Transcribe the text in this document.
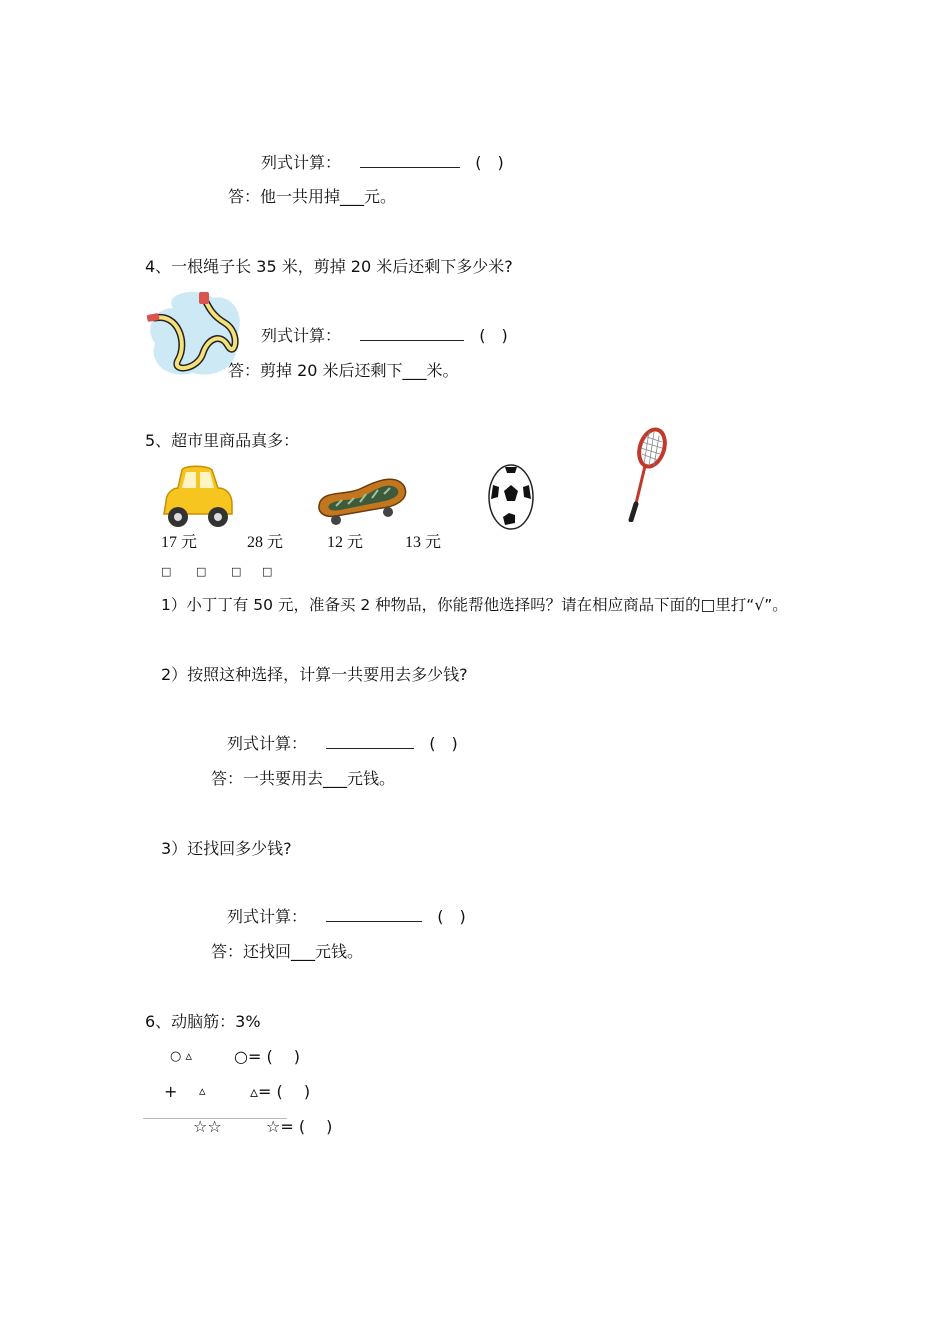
列式计算：	(　)
答：他一共用掉___元。
4、一根绳子长 35 米，剪掉 20 米后还剩下多少米?
列式计算：	(　)
答：剪掉 20 米后还剩下___米。
5、超市里商品真多：
17 元	28 元	12 元	13 元
□ □ □ □
1）小丁丁有 50 元，准备买 2 种物品，你能帮他选择吗？请在相应商品下面的□里打“√”。
2）按照这种选择，计算一共要用去多少钱?
列式计算：	(　)
答：一共要用去___元钱。
3）还找回多少钱?
列式计算：	(　)
答：还找回___元钱。
6、动脑筋：3%
○ ▵	○= (　 )
+ ▵	▵= (　 )
☆☆	☆= (　 )
